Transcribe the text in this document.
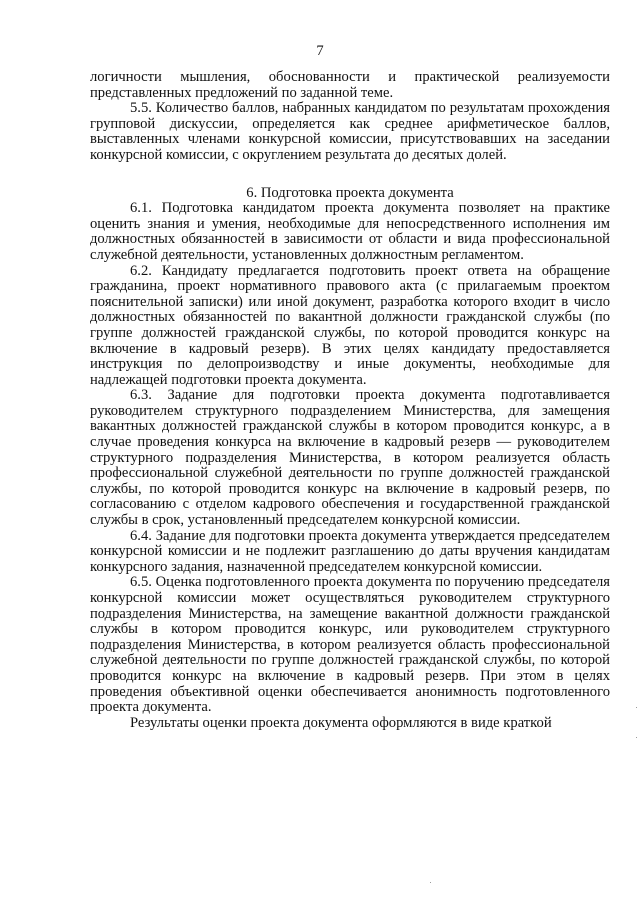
7

логичности мышления, обоснованности и практической реализуемости представленных предложений по заданной теме.

5.5. Количество баллов, набранных кандидатом по результатам прохождения групповой дискуссии, определяется как среднее арифметическое баллов, выставленных членами конкурсной комиссии, присутствовавших на заседании конкурсной комиссии, с округлением результата до десятых долей.

6. Подготовка проекта документа

6.1. Подготовка кандидатом проекта документа позволяет на практике оценить знания и умения, необходимые для непосредственного исполнения им должностных обязанностей в зависимости от области и вида профессиональной служебной деятельности, установленных должностным регламентом.

6.2. Кандидату предлагается подготовить проект ответа на обращение гражданина, проект нормативного правового акта (с прилагаемым проектом пояснительной записки) или иной документ, разработка которого входит в число должностных обязанностей по вакантной должности гражданской службы (по группе должностей гражданской службы, по которой проводится конкурс на включение в кадровый резерв). В этих целях кандидату предоставляется инструкция по делопроизводству и иные документы, необходимые для надлежащей подготовки проекта документа.

6.3. Задание для подготовки проекта документа подготавливается руководителем структурного подразделением Министерства, для замещения вакантных должностей гражданской службы в котором проводится конкурс, а в случае проведения конкурса на включение в кадровый резерв — руководителем структурного подразделения Министерства, в котором реализуется область профессиональной служебной деятельности по группе должностей гражданской службы, по которой проводится конкурс на включение в кадровый резерв, по согласованию с отделом кадрового обеспечения и государственной гражданской службы в срок, установленный председателем конкурсной комиссии.

6.4. Задание для подготовки проекта документа утверждается председателем конкурсной комиссии и не подлежит разглашению до даты вручения кандидатам конкурсного задания, назначенной председателем конкурсной комиссии.

6.5. Оценка подготовленного проекта документа по поручению председателя конкурсной комиссии может осуществляться руководителем структурного подразделения Министерства, на замещение вакантной должности гражданской службы в котором проводится конкурс, или руководителем структурного подразделения Министерства, в котором реализуется область профессиональной служебной деятельности по группе должностей гражданской службы, по которой проводится конкурс на включение в кадровый резерв. При этом в целях проведения объективной оценки обеспечивается анонимность подготовленного проекта документа.

Результаты оценки проекта документа оформляются в виде краткой
